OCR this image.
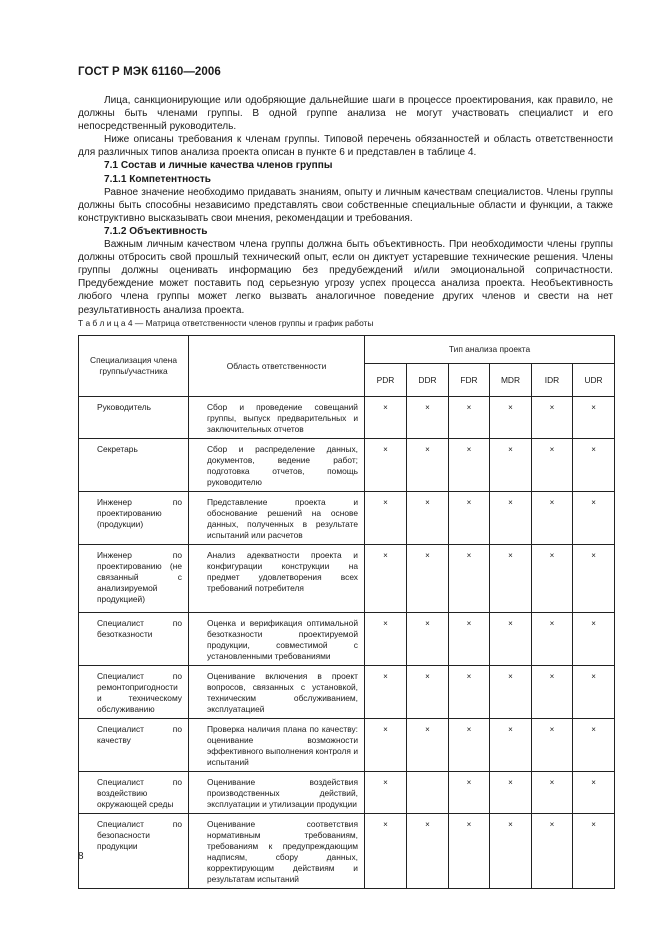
ГОСТ Р МЭК 61160—2006

Лица, санкционирующие или одобряющие дальнейшие шаги в процессе проектирования, как правило, не должны быть членами группы. В одной группе анализа не могут участвовать специалист и его непосредственный руководитель.

Ниже описаны требования к членам группы. Типовой перечень обязанностей и область ответственности для различных типов анализа проекта описан в пункте 6 и представлен в таблице 4.

7.1 Состав и личные качества членов группы
7.1.1 Компетентность

Равное значение необходимо придавать знаниям, опыту и личным качествам специалистов. Члены группы должны быть способны независимо представлять свои собственные специальные области и функции, а также конструктивно высказывать свои мнения, рекомендации и требования.

7.1.2 Объективность

Важным личным качеством члена группы должна быть объективность. При необходимости члены группы должны отбросить свой прошлый технический опыт, если он диктует устаревшие технические решения. Члены группы должны оценивать информацию без предубеждений и/или эмоциональной сопричастности. Предубеждение может поставить под серьезную угрозу успех процесса анализа проекта. Необъективность любого члена группы может легко вызвать аналогичное поведение других членов и свести на нет результативность анализа проекта.

Т а б л и ц а 4 — Матрица ответственности членов группы и график работы
Специализация члена группы/участника	Область ответственности	Тип анализа проекта					
		PDR	DDR	FDR	MDR	IDR	UDR
Руководитель	Сбор и проведение совещаний группы, выпуск предварительных и заключительных отчетов	×	×	×	×	×	×
Секретарь	Сбор и распределение данных, документов, ведение работ; подготовка отчетов, помощь руководителю	×	×	×	×	×	×
Инженер по проектированию (продукции)	Представление проекта и обоснование решений на основе данных, полученных в результате испытаний или расчетов	×	×	×	×	×	×
Инженер по проектированию (не связанный с анализируемой продукцией)	Анализ адекватности проекта и конфигурации конструкции на предмет удовлетворения всех требований потребителя	×	×	×	×	×	×
Специалист по безотказности	Оценка и верификация оптимальной безотказности проектируемой продукции, совместимой с установленными требованиями	×	×	×	×	×	×
Специалист по ремонтопригодности и техническому обслуживанию	Оценивание включения в проект вопросов, связанных с установкой, техническим обслуживанием, эксплуатацией	×	×	×	×	×	×
Специалист по качеству	Проверка наличия плана по качеству: оценивание возможности эффективного выполнения контроля и испытаний	×	×	×	×	×	×
Специалист по воздействию окружающей среды	Оценивание воздействия производственных действий, эксплуатации и утилизации продукции	×		×	×	×	×
Специалист по безопасности продукции	Оценивание соответствия нормативным требованиям, требованиям к предупреждающим надписям, сбору данных, корректирующим действиям и результатам испытаний	×	×	×	×	×	×
8
